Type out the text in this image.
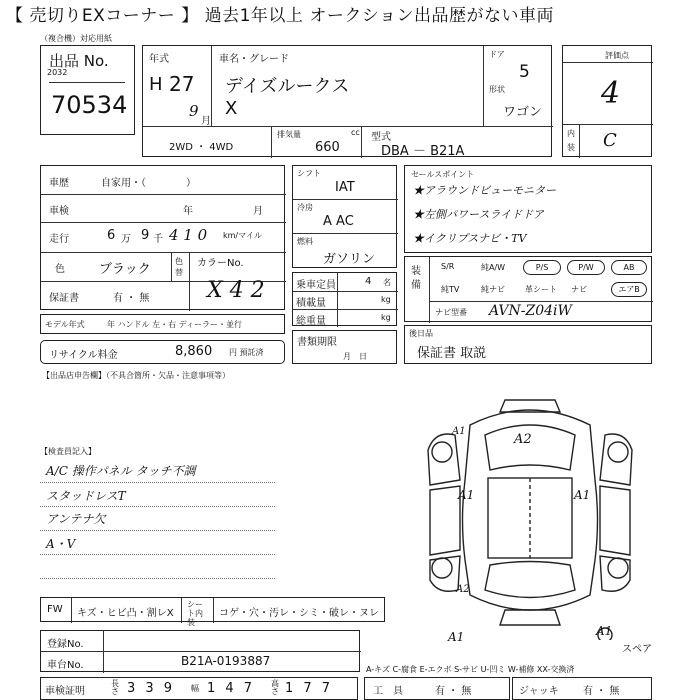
【 売切りEXコーナー 】 過去1年以上 オークション出品歴がない車両
（複合機）対応用紙
出品 No.
2032
70534
年式
H 27
9
月
車名・グレード
デイズルークス
X
ドア
5
形状
ワゴン
2WD ・ 4WD
排気量	cc
660
型式
DBA － B21A
評価点
4
内
装 C
車歴	自家用・（　　　　）
車検	年	月
走行	6 万 9 千 4 1 0 km/マイル
色	ブラック
色替
カラーNo.
X 4 2
保証書	有 ・ 無
モデル年式	年 ハンドル 左・右 ディーラー・並行
リサイクル料金	8,860 円 預託済
【出品店申告欄】（不具合箇所・欠品・注意事項等）
シフト
IAT
冷房
A AC
燃料
ガソリン
乗車定員	4 名
積載量	kg
総重量	kg
書類期限
月　日
セールスポイント
★アラウンドビューモニター
★左側パワースライドドア
★イクリプスナビ・TV
装備
S/R	純A/W	P/S	P/W	AB
純TV	純ナビ	革シート ナビ	エアB
ナビ型番 AVN-Z04iW
後日品
保証書 取説
【検査員記入】
A/C 操作パネル タッチ不調
スタッドレスT
アンテナ欠
A・V
A1
A2
A1	A1
A2
A1	A1
スペア
FW キズ・ヒビ凸・割レX
シート内装
コゲ・穴・汚レ・シミ・破レ・ヌレ
登録No.
車台No.	B21A-0193887
車検証明
長さ 3 3 9 幅 1 4 7 高さ 1 7 7
A-キズ C-腐食 E-エクボ S-サビ U-凹ミ W-補修 XX-交換済
工　具	有 ・ 無	ジャッキ 有 ・ 無
